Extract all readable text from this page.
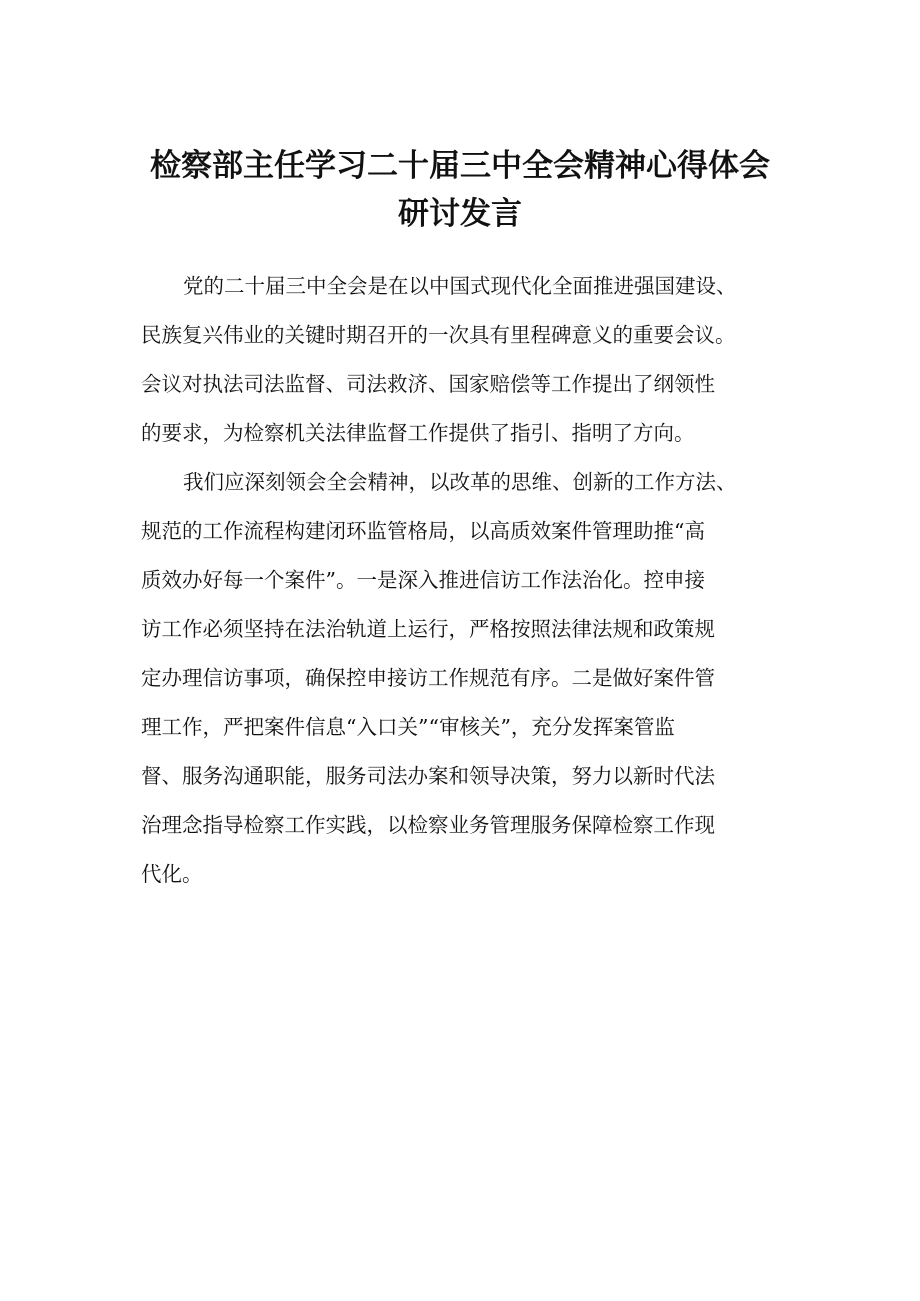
检察部主任学习二十届三中全会精神心得体会
研讨发言
党的二十届三中全会是在以中国式现代化全面推进强国建设、
民族复兴伟业的关键时期召开的一次具有里程碑意义的重要会议。
会议对执法司法监督、司法救济、国家赔偿等工作提出了纲领性
的要求，为检察机关法律监督工作提供了指引、指明了方向。
我们应深刻领会全会精神，以改革的思维、创新的工作方法、
规范的工作流程构建闭环监管格局，以高质效案件管理助推“高
质效办好每一个案件”。一是深入推进信访工作法治化。控申接
访工作必须坚持在法治轨道上运行，严格按照法律法规和政策规
定办理信访事项，确保控申接访工作规范有序。二是做好案件管
理工作，严把案件信息“入口关”“审核关”，充分发挥案管监
督、服务沟通职能，服务司法办案和领导决策，努力以新时代法
治理念指导检察工作实践，以检察业务管理服务保障检察工作现
代化。
